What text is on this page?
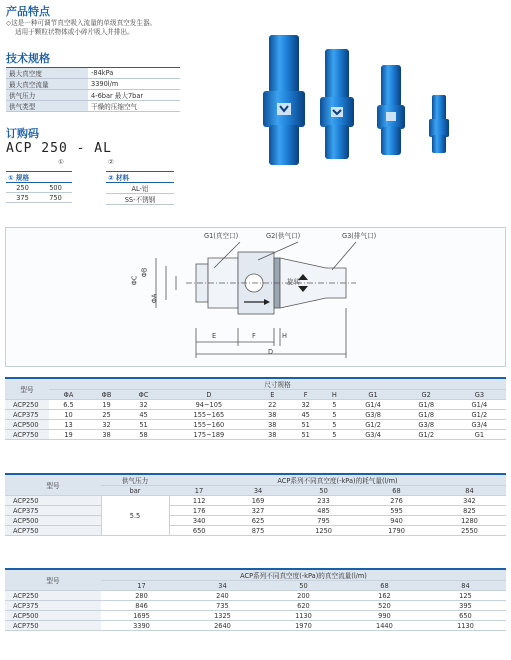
产品特点
◇这是一种可调节真空吸入流量的单级真空发生器。
适用于颗粒状物体或小碎片吸入并排出。
技术规格
最大真空度	-84kPa
最大真空流量	3390l/m
供气压力	4-6bar 最大7bar
供气类型	干燥的压缩空气
订购码
ACP 250 - AL
①	②
① 规格	
250	500
375	750
② 材料
AL-铝
SS-不锈钢
G1(真空口)	G2(供气口)	G3(排气口)
旋转
ΦC
ΦB
ΦA
E	F	H
D
型号	尺寸规格									
	ΦA	ΦB	ΦC	D	E	F	H	G1	G2	G3
ACP250	6.5	19	32	94~105	22	32	5	G1/4	G1/8	G1/4
ACP375	10	25	45	155~165	38	45	5	G3/8	G1/8	G1/2
ACP500	13	32	51	155~160	38	51	5	G1/2	G3/8	G3/4
ACP750	19	38	58	175~189	38	51	5	G3/4	G1/2	G1
型号	供气压力	ACP系列不同真空度(-kPa)的耗气量(l/m)				
	bar	17	34	50	68	84
ACP250	5.5	112	169	233	276	342
ACP375		176	327	485	595	825
ACP500		340	625	795	940	1280
ACP750		650	875	1250	1790	2550
型号	ACP系列不同真空度(-kPa)的真空流量(l/m)				
	17	34	50	68	84
ACP250	280	240	200	162	125
ACP375	846	735	620	520	395
ACP500	1695	1325	1130	990	650
ACP750	3390	2640	1970	1440	1130
